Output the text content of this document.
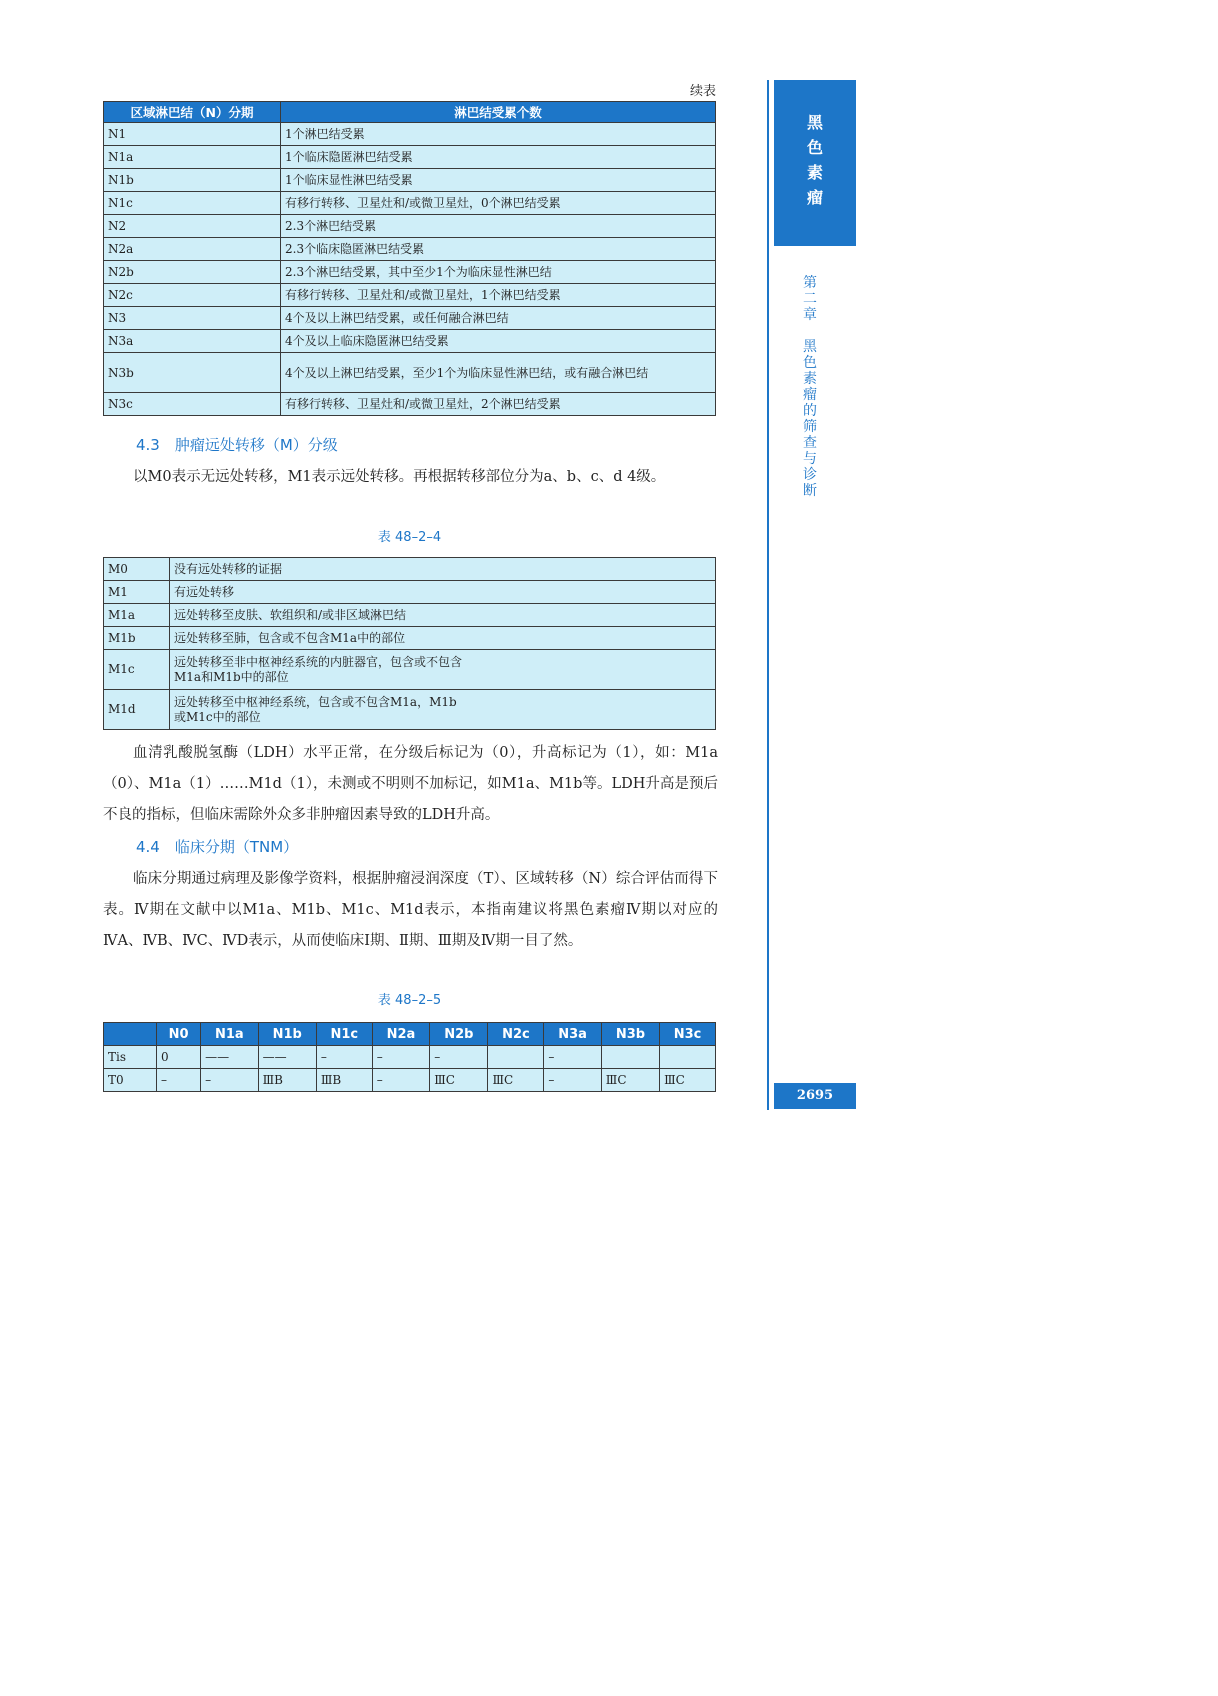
续表
区域淋巴结（N）分期	淋巴结受累个数
N1	1个淋巴结受累
N1a	1个临床隐匿淋巴结受累
N1b	1个临床显性淋巴结受累
N1c	有移行转移、卫星灶和/或微卫星灶，0个淋巴结受累
N2	2.3个淋巴结受累
N2a	2.3个临床隐匿淋巴结受累
N2b	2.3个淋巴结受累，其中至少1个为临床显性淋巴结
N2c	有移行转移、卫星灶和/或微卫星灶，1个淋巴结受累
N3	4个及以上淋巴结受累，或任何融合淋巴结
N3a	4个及以上临床隐匿淋巴结受累
N3b	4个及以上淋巴结受累，至少1个为临床显性淋巴结，或有融合淋巴结
N3c	有移行转移、卫星灶和/或微卫星灶，2个淋巴结受累
4.3　肿瘤远处转移（M）分级
以M0表示无远处转移，M1表示远处转移。再根据转移部位分为a、b、c、d 4级。
表 48–2–4
M0	没有远处转移的证据
M1	有远处转移
M1a	远处转移至皮肤、软组织和/或非区域淋巴结
M1b	远处转移至肺，包含或不包含M1a中的部位
M1c	远处转移至非中枢神经系统的内脏器官，包含或不包含M1a和M1b中的部位
M1d	远处转移至中枢神经系统，包含或不包含M1a，M1b或M1c中的部位
血清乳酸脱氢酶（LDH）水平正常，在分级后标记为（0），升高标记为（1），如：M1a（0）、M1a（1）……M1d（1），未测或不明则不加标记，如M1a、M1b等。LDH升高是预后不良的指标，但临床需除外众多非肿瘤因素导致的LDH升高。
4.4　临床分期（TNM）
临床分期通过病理及影像学资料，根据肿瘤浸润深度（T）、区域转移（N）综合评估而得下表。Ⅳ期在文献中以M1a、M1b、M1c、M1d表示，本指南建议将黑色素瘤Ⅳ期以对应的ⅣA、ⅣB、ⅣC、ⅣD表示，从而使临床Ⅰ期、Ⅱ期、Ⅲ期及Ⅳ期一目了然。
表 48–2–5
	N0	N1a	N1b	N1c	N2a	N2b	N2c	N3a	N3b	N3c
Tis	0	——	——	–	–	–		–		
T0	–	–	ⅢB	ⅢB	–	ⅢC	ⅢC	–	ⅢC	ⅢC
黑
色
素
瘤
第
二
章

黑
色
素
瘤
的
筛
查
与
诊
断
2695
